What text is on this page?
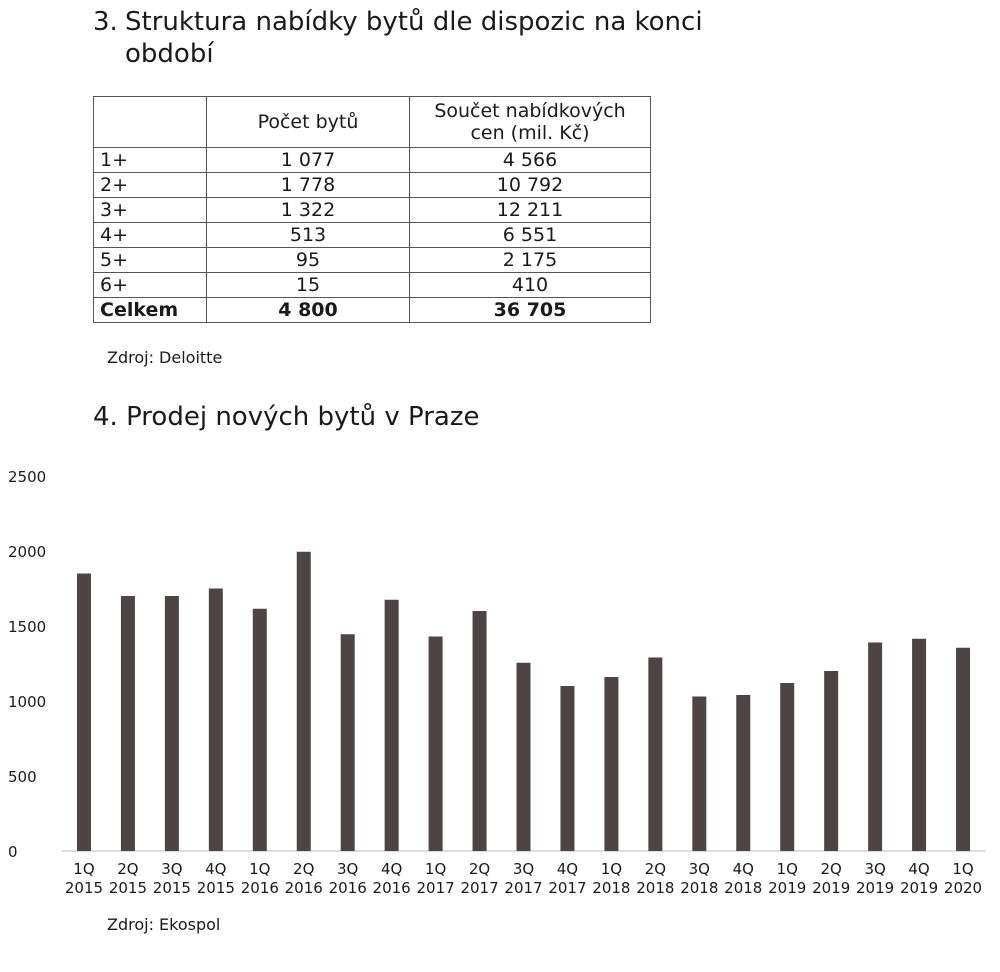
3. Struktura nabídky bytů dle dispozic na konci období
	Počet bytů	Součet nabídkových cen (mil. Kč)
1+	1 077	4 566
2+	1 778	10 792
3+	1 322	12 211
4+	513	6 551
5+	95	2 175
6+	15	410
Celkem	4 800	36 705
Zdroj: Deloitte
4. Prodej nových bytů v Praze
0
500
1000
1500
2000
2500
1Q
2015
2Q
2015
3Q
2015
4Q
2015
1Q
2016
2Q
2016
3Q
2016
4Q
2016
1Q
2017
2Q
2017
3Q
2017
4Q
2017
1Q
2018
2Q
2018
3Q
2018
4Q
2018
1Q
2019
2Q
2019
3Q
2019
4Q
2019
1Q
2020
Zdroj: Ekospol
